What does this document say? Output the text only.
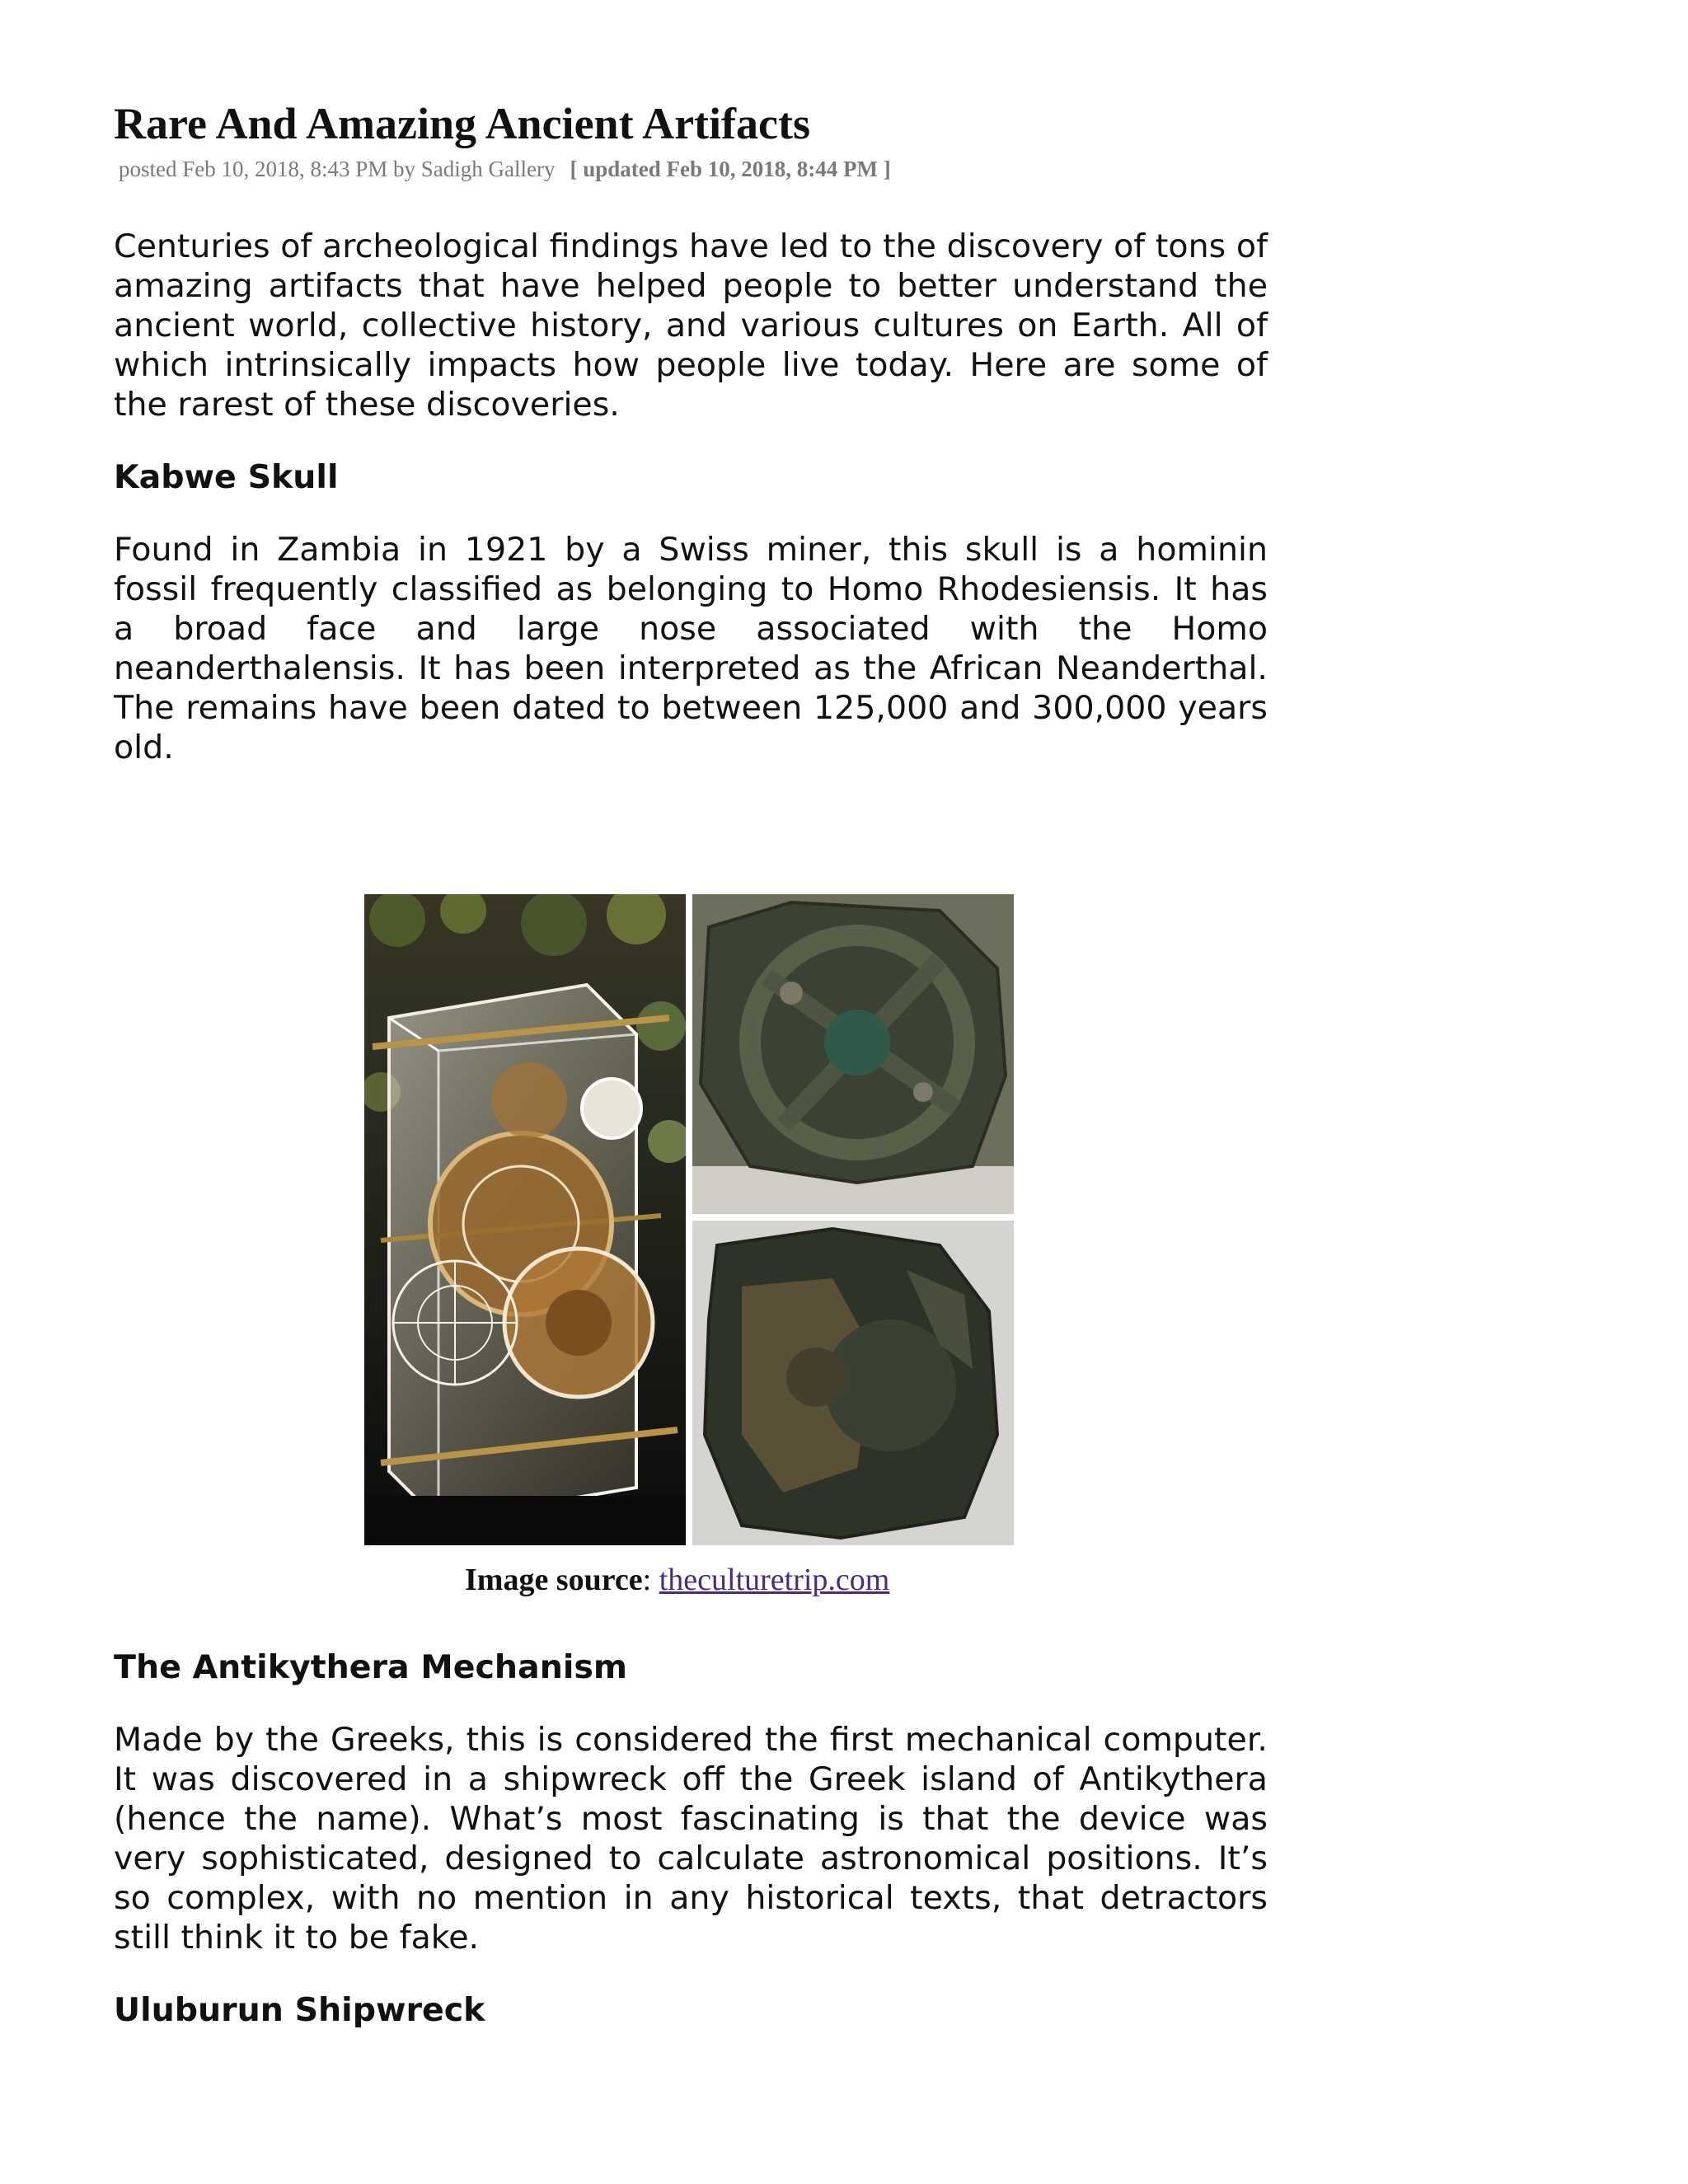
Rare And Amazing Ancient Artifacts
posted Feb 10, 2018, 8:43 PM by Sadigh Gallery [ updated Feb 10, 2018, 8:44 PM ]

Centuries of archeological findings have led to the discovery of tons of amazing artifacts that have helped people to better understand the ancient world, collective history, and various cultures on Earth. All of which intrinsically impacts how people live today. Here are some of the rarest of these discoveries.

Kabwe Skull

Found in Zambia in 1921 by a Swiss miner, this skull is a hominin fossil frequently classified as belonging to Homo Rhodesiensis. It has a broad face and large nose associated with the Homo neanderthalensis. It has been interpreted as the African Neanderthal. The remains have been dated to between 125,000 and 300,000 years old.

Image source: theculturetrip.com
The Antikythera Mechanism

Made by the Greeks, this is considered the first mechanical computer. It was discovered in a shipwreck off the Greek island of Antikythera (hence the name). What’s most fascinating is that the device was very sophisticated, designed to calculate astronomical positions. It’s so complex, with no mention in any historical texts, that detractors still think it to be fake.

Uluburun Shipwreck
